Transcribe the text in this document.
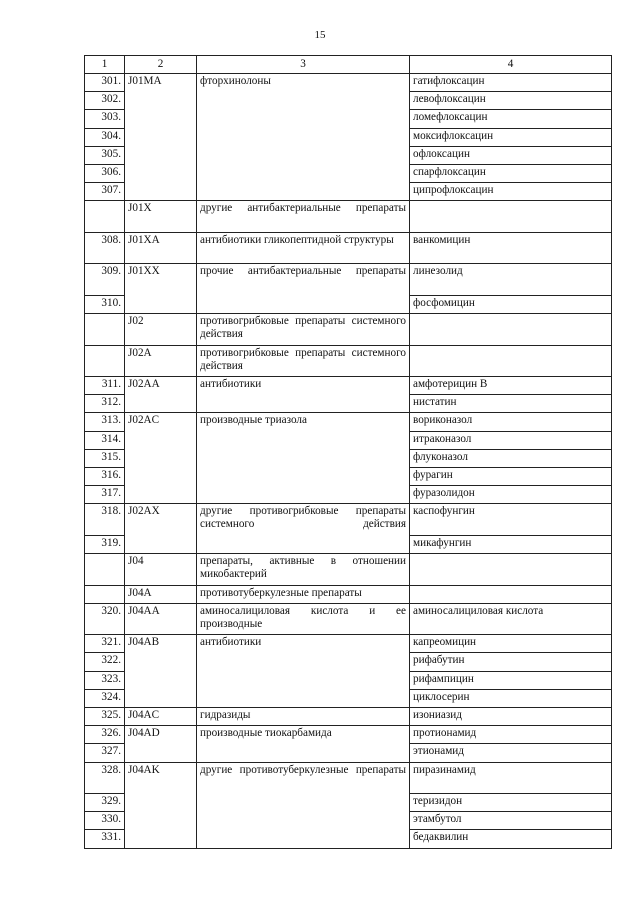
15
1	2	3	4
301.	J01MA	фторхинолоны	гатифлоксацин
302.			левофлоксацин
303.			ломефлоксацин
304.			моксифлоксацин
305.			офлоксацин
306.			спарфлоксацин
307.			ципрофлоксацин
	J01X	другие антибактериальные препараты	
308.	J01XA	антибиотики гликопептидной структуры	ванкомицин
309.	J01XX	прочие антибактериальные препараты	линезолид
310.			фосфомицин
	J02	противогрибковые препараты системного действия	
	J02A	противогрибковые препараты системного действия	
311.	J02AA	антибиотики	амфотерицин В
312.			нистатин
313.	J02AC	производные триазола	вориконазол
314.			итраконазол
315.			флуконазол
316.			фурагин
317.			фуразолидон
318.	J02AX	другие противогрибковые препараты системного действия	каспофунгин
319.			микафунгин
	J04	препараты, активные в отношении микобактерий	
	J04A	противотуберкулезные препараты	
320.	J04AA	аминосалициловая кислота и ее производные	аминосалициловая кислота
321.	J04AB	антибиотики	капреомицин
322.			рифабутин
323.			рифампицин
324.			циклосерин
325.	J04AC	гидразиды	изониазид
326.	J04AD	производные тиокарбамида	протионамид
327.			этионамид
328.	J04AK	другие противотуберкулезные препараты	пиразинамид
329.			теризидон
330.			этамбутол
331.			бедаквилин
